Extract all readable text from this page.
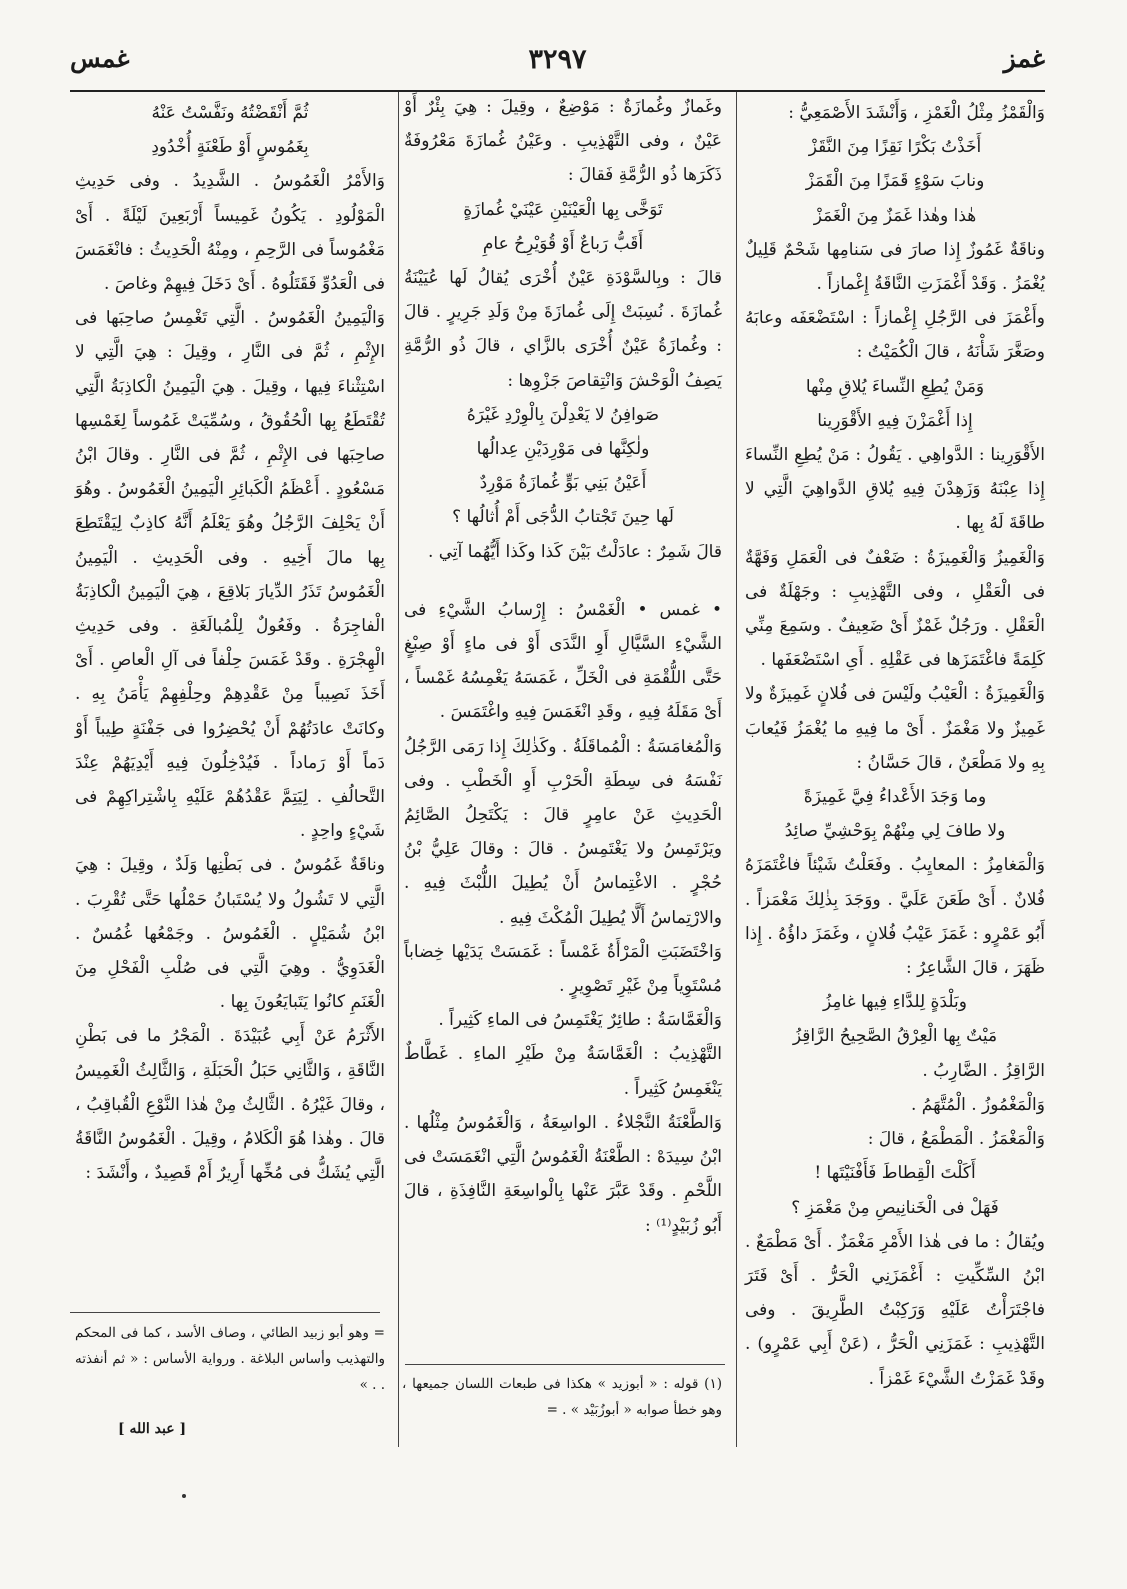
غمز
٣٢٩٧
غمس

وَالْقَمْزُ مِثْلُ الْغَمْزِ ، وَأَنْشَدَ الأَصْمَعِيُّ :

أَخَذْتُ بَكْرًا نَقِزًا مِنَ النَّقَزْ

ونابَ سَوْءٍ قَمَزًا مِنَ الْقَمَزْ

هٰذا وهٰذا غَمَزٌ مِنَ الْغَمَزْ

وناقَةٌ غَمُوزٌ إِذا صارَ فى سَنامِها شَحْمٌ قَلِيلٌ يُغْمَزُ . وَقَدْ أَغْمَزَتِ النَّاقَةُ إِغْمازاً .

وأَغْمَزَ فى الرَّجُلِ إِغْمازاً : اسْتَضْعَفَه وعابَهُ وصَغَّرَ شَأْنَهُ ، قالَ الْكُمَيْتُ :

وَمَنْ يُطِعِ النِّساءَ يُلاقِ مِنْها

إِذا أَغْمَزْنَ فِيهِ الأَقْوَرِينا

الأَقْوَرِينا : الدَّواهِي . يَقُولُ : مَنْ يُطِعِ النِّساءَ إِذا عِبْنَهُ وَزَهِدْنَ فِيهِ يُلاقِ الدَّواهِيَ الَّتِي لا طاقَةَ لَهُ بِها .

وَالْغَمِيزُ وَالْغَمِيزَةُ : ضَعْفٌ فى الْعَمَلِ وَفَهَّةٌ فى الْعَقْلِ ، وفى التَّهْذِيبِ : وجَهْلَةٌ فى الْعَقْلِ . ورَجُلٌ غَمْزٌ أَىْ ضَعِيفٌ . وسَمِعَ مِنِّي كَلِمَةً فاغْتَمَزَها فى عَقْلِهِ . أَىِ اسْتَضْعَفَها .

وَالْغَمِيزَةُ : الْعَيْبُ ولَيْسَ فى فُلانٍ غَمِيزَةٌ ولا غَمِيزٌ ولا مَغْمَزٌ . أَىْ ما فِيهِ ما يُغْمَزُ فَيُعابَ بِهِ ولا مَطْعَنٌ ، قالَ حَسَّانُ :

وما وَجَدَ الأَعْداءُ فِيَّ غَمِيزَةً

ولا طافَ لِي مِنْهُمْ بِوَحْشِيِّ صائِدُ

وَالْمَغامِزُ : المعايِبُ . وفَعَلْتُ شَيْئاً فاغْتَمَزَهُ فُلانٌ . أَىْ طَعَنَ عَلَيَّ . ووَجَدَ بِذٰلِكَ مَغْمَزاً . أَبُو عَمْرٍو : غَمَزَ عَيْبُ فُلانٍ ، وغَمَزَ داؤُهُ . إِذا ظَهَرَ ، قالَ الشَّاعِرُ :

وبَلْدَةٍ لِلدَّاءِ فِيها غامِزُ

مَيْتٌ بِها الْعِرْقُ الصَّحِيحُ الرَّاقِزُ

الرَّاقِزُ . الضَّارِبُ .

وَالْمَغْمُوزُ . الْمُتَّهَمُ .

وَالْمَغْمَزُ . الْمَطْمَعُ ، قالَ :

أَكَلْتَ الْقِطاطَ فَأَفْنَيْتَها !

فَهَلْ فى الْخَنانِيصِ مِنْ مَغْمَزِ ؟

ويُقالُ : ما فى هٰذا الأَمْرِ مَغْمَزٌ . أَىْ مَطْمَعٌ . ابْنُ السِّكِّيتِ : أَغْمَزَنِي الْحَرُّ . أَىْ فَتَرَ فاجْتَرَأْتُ عَلَيْهِ وَرَكِبْتُ الطَّرِيقَ . وفى التَّهْذِيبِ : غَمَزَنِي الْحَرُّ ، (عَنْ أَبِي عَمْرٍو) . وقَدْ غَمَزْتُ الشَّيْءَ غَمْزاً .

وغَمازٌ وغُمازَةٌ : مَوْضِعٌ ، وقِيلَ : هِيَ بِئْرٌ أَوْ عَيْنٌ ، وفى التَّهْذِيبِ . وعَيْنُ غُمازَةَ مَعْرُوفَةٌ ذَكَرَها ذُو الرُّمَّةِ فَقالَ :

تَوَخَّى بِها الْعَيْنَيْنِ عَيْنَيْ غُمازَةٍ

أَقَبُّ رَباعٌ أَوْ قُوَيْرِحُ عامِ

قالَ : وبِالسَّوْدَةِ عَيْنٌ أُخْرَى يُقالُ لَها عُيَيْنَةُ غُمازَةَ . نُسِبَتْ إِلَى غُمازَةَ مِنْ وَلَدِ جَرِيرٍ . قالَ : وغُمازَةُ عَيْنٌ أُخْرَى بالزَّاي ، قالَ ذُو الرُّمَّةِ يَصِفُ الْوَحْشَ وَانْتِقاصَ جَزْوِها :

صَوافِنُ لا يَعْدِلْنَ بِالْوِرْدِ غَيْرَهُ

ولٰكِنَّها فى مَوْرِدَيْنِ عِدالُها

أَعَيْنُ بَنِي بَوٍّ غُمازَةُ مَوْرِدٌ

لَها حِينَ تَجْتابُ الدُّجَى أَمْ أُثالُها ؟

قالَ شَمِرٌ : عادَلْتُ بَيْنَ كَذا وكَذا أَيُّهُما آتِي .

• غمس • الْغَمْسُ : إِرْسابُ الشَّيْءِ فى الشَّيْءِ السَّيَّالِ أَوِ النَّدَى أَوْ فى ماءٍ أَوْ صِبْغٍ حَتَّى اللُّقْمَةِ فى الْخَلِّ ، غَمَسَهُ يَغْمِسُهُ غَمْساً ، أَىْ مَقَلَهُ فِيهِ ، وقَدِ انْغَمَسَ فِيهِ واغْتَمَسَ .

وَالْمُغامَسَةُ : الْمُماقَلَةُ . وكَذٰلِكَ إِذا رَمَى الرَّجُلُ نَفْسَهُ فى سِطَةِ الْحَرْبِ أَوِ الْخَطْبِ . وفى الْحَدِيثِ عَنْ عامِرٍ قالَ : يَكْتَحِلُ الصَّائِمُ ويَرْتَمِسُ ولا يَغْتَمِسُ . قالَ : وقالَ عَلِيُّ بْنُ حُجْرٍ . الاغْتِماسُ أَنْ يُطِيلَ اللُّبْثَ فِيهِ . والارْتِماسُ أَلَّا يُطِيلَ الْمُكْثَ فِيهِ .

وَاخْتَضَبَتِ الْمَرْأَةُ غَمْساً : غَمَسَتْ يَدَيْها خِضاباً مُسْتَوِياً مِنْ غَيْرِ تَصْوِيرٍ .

وَالْغَمَّاسَةُ : طائِرٌ يَغْتَمِسُ فى الماءِ كَثِيراً .

التَّهْذِيبُ : الْغَمَّاسَةُ مِنْ طَيْرِ الماءِ . غَطَّاطٌ يَنْغَمِسُ كَثِيراً .

وَالطَّعْنَةُ النَّجْلاءُ . الواسِعَةُ ، وَالْغَمُوسُ مِثْلُها . ابْنُ سِيدَهْ : الطَّعْنَةُ الْغَمُوسُ الَّتِي انْغَمَسَتْ فى اللَّحْمِ . وقَدْ عَبَّرَ عَنْها بِالْواسِعَةِ النَّافِذَةِ ، قالَ أَبُو زُبَيْدٍ⁽¹⁾ :

ثُمَّ أَنْقَضْتُهُ ونَفَّسْتُ عَنْهُ

بِغَمُوسٍ أَوْ طَعْنَةٍ أُخْدُودِ

وَالأَمْرُ الْغَمُوسُ . الشَّدِيدُ . وفى حَدِيثِ الْمَوْلُودِ . يَكُونُ غَمِيساً أَرْبَعِينَ لَيْلَةً . أَىْ مَغْمُوساً فى الرَّحِمِ ، ومِنْهُ الْحَدِيثُ : فانْغَمَسَ فى الْعَدُوِّ فَقَتَلُوهُ . أَىْ دَخَلَ فِيهِمْ وغاصَ .

وَالْيَمِينُ الْغَمُوسُ . الَّتِي تَغْمِسُ صاحِبَها فى الإِثْمِ ، ثُمَّ فى النَّارِ ، وقِيلَ : هِيَ الَّتِي لا اسْتِثْناءَ فِيها ، وقِيلَ . هِيَ الْيَمِينُ الْكاذِبَةُ الَّتِي تُقْتَطَعُ بِها الْحُقُوقُ ، وسُمِّيَتْ غَمُوساً لِغَمْسِها صاحِبَها فى الإِثْمِ ، ثُمَّ فى النَّارِ . وقالَ ابْنُ مَسْعُودٍ . أَعْظَمُ الْكَبائِرِ الْيَمِينُ الْغَمُوسُ . وهُوَ أَنْ يَحْلِفَ الرَّجُلُ وهُوَ يَعْلَمُ أَنَّهُ كاذِبٌ لِيَقْتَطِعَ بِها مالَ أَخِيهِ . وفى الْحَدِيثِ . الْيَمِينُ الْغَمُوسُ تَذَرُ الدِّيارَ بَلاقِعَ ، هِيَ الْيَمِينُ الْكاذِبَةُ الْفاجِرَةُ . وفَعُولٌ لِلْمُبالَغَةِ . وفى حَدِيثِ الْهِجْرَةِ . وقَدْ غَمَسَ حِلْفاً فى آلِ الْعاصِ . أَىْ أَخَذَ نَصِيباً مِنْ عَقْدِهِمْ وحِلْفِهِمْ يَأْمَنُ بِهِ . وكانَتْ عادَتُهُمْ أَنْ يُحْضِرُوا فى جَفْنَةٍ طِيباً أَوْ دَماً أَوْ رَماداً . فَيُدْخِلُونَ فِيهِ أَيْدِيَهُمْ عِنْدَ التَّحالُفِ . لِيَتِمَّ عَقْدُهُمْ عَلَيْهِ بِاشْتِراكِهِمْ فى شَيْءٍ واحِدٍ .

وناقَةٌ غَمُوسٌ . فى بَطْنِها وَلَدٌ ، وقِيلَ : هِيَ الَّتِي لا تَشُولُ ولا يُسْتَبانُ حَمْلُها حَتَّى تُقْرِبَ . ابْنُ شُمَيْلٍ . الْغَمُوسُ . وجَمْعُها غُمُسٌ . الْغَدَوِيُّ . وهِيَ الَّتِي فى صُلْبِ الْفَحْلِ مِنَ الْغَنَمِ كانُوا يَتَبايَعُونَ بِها .

الأَثْرَمُ عَنْ أَبِي عُبَيْدَةَ . الْمَجْرُ ما فى بَطْنِ النَّاقَةِ ، وَالثَّانِي حَبَلُ الْحَبَلَةِ ، وَالثَّالِثُ الْغَمِيسُ ، وقالَ غَيْرُهُ . الثَّالِثُ مِنْ هٰذا النَّوْعِ الْقُباقِبُ ، قالَ . وهٰذا هُوَ الْكَلامُ ، وقِيلَ . الْغَمُوسُ النَّاقَةُ الَّتِي يُشَكُّ فى مُخِّها أَرِيرٌ أَمْ قَصِيدٌ ، وأَنْشَدَ :

(١) قوله : « أبوزيد » هكذا فى طبعات اللسان جميعها ، وهو خطأ صوابه « أبوزُبَيْد » . =

= وهو أبو زبيد الطائي ، وصاف الأسد ، كما فى المحكم والتهذيب وأساس البلاغة . ورواية الأساس : « ثم أنفذته . . »

[ عبد الله ]
